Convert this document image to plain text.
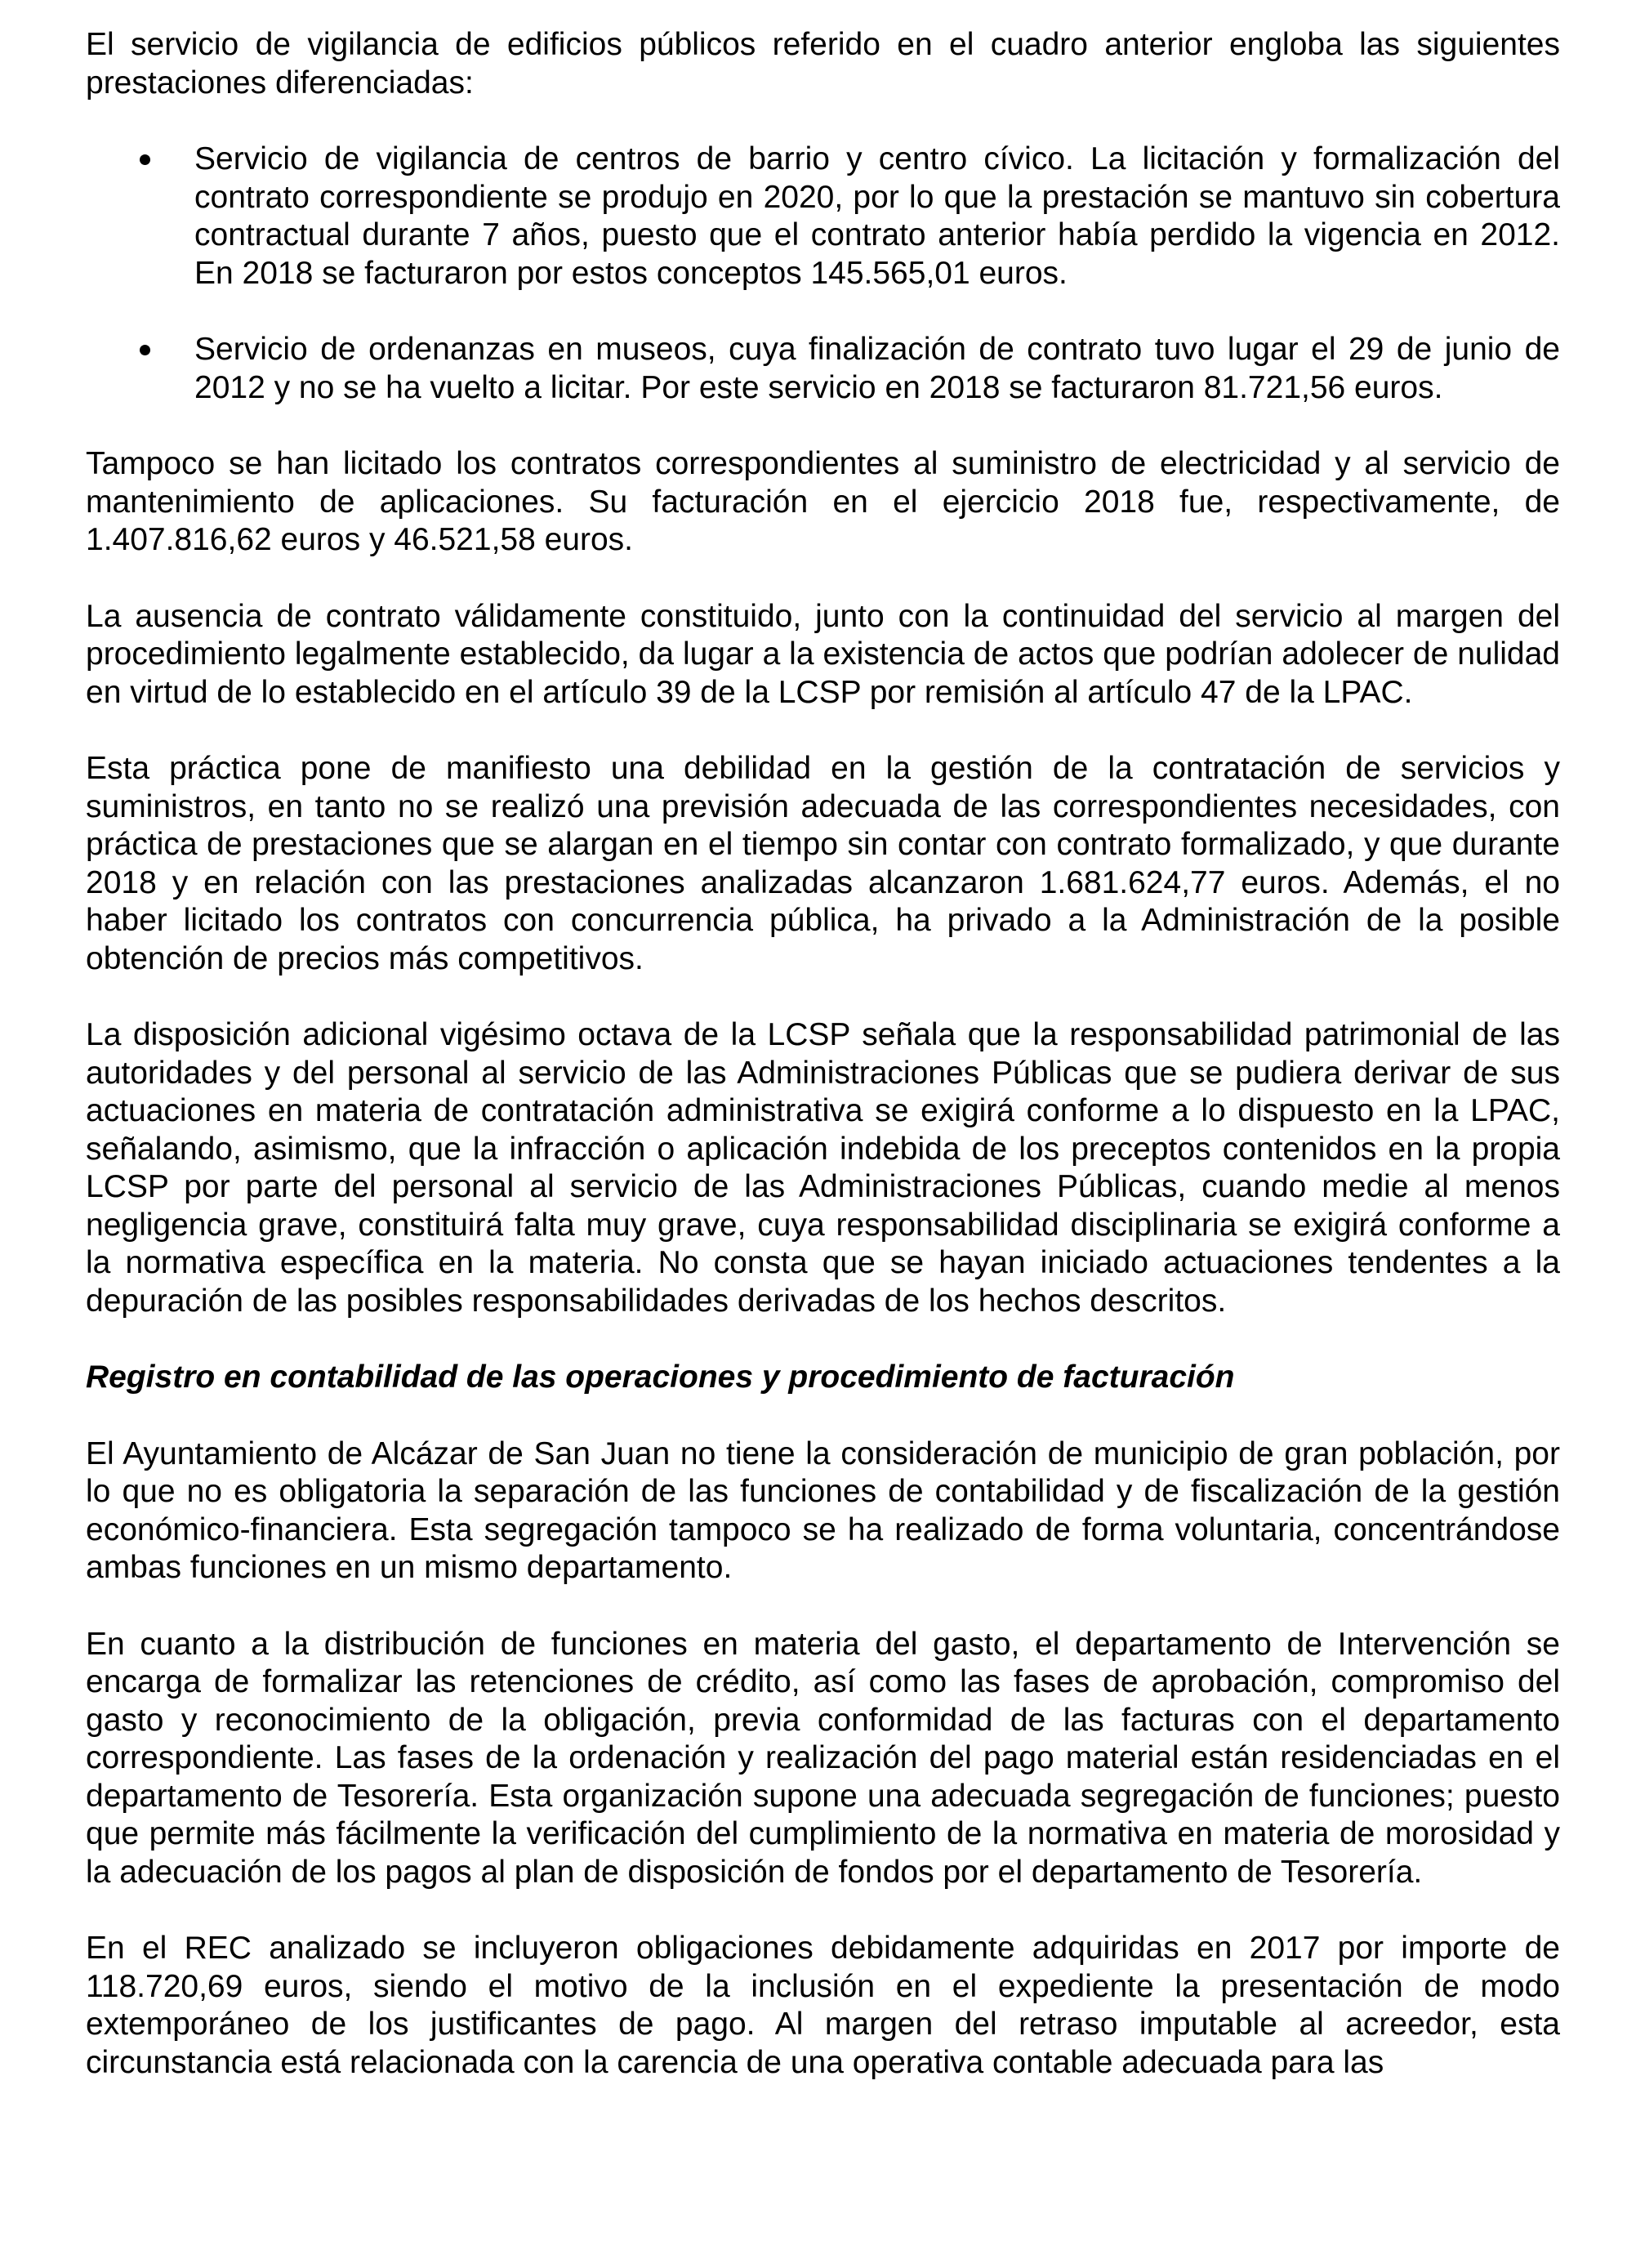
El servicio de vigilancia de edificios públicos referido en el cuadro anterior engloba las siguientes prestaciones diferenciadas:

Servicio de vigilancia de centros de barrio y centro cívico. La licitación y formalización del contrato correspondiente se produjo en 2020, por lo que la prestación se mantuvo sin cobertura contractual durante 7 años, puesto que el contrato anterior había perdido la vigencia en 2012. En 2018 se facturaron por estos conceptos 145.565,01 euros.
Servicio de ordenanzas en museos, cuya finalización de contrato tuvo lugar el 29 de junio de 2012 y no se ha vuelto a licitar. Por este servicio en 2018 se facturaron 81.721,56 euros.

Tampoco se han licitado los contratos correspondientes al suministro de electricidad y al servicio de mantenimiento de aplicaciones. Su facturación en el ejercicio 2018 fue, respectivamente, de 1.407.816,62 euros y 46.521,58 euros.

La ausencia de contrato válidamente constituido, junto con la continuidad del servicio al margen del procedimiento legalmente establecido, da lugar a la existencia de actos que podrían adolecer de nulidad en virtud de lo establecido en el artículo 39 de la LCSP por remisión al artículo 47 de la LPAC.

Esta práctica pone de manifiesto una debilidad en la gestión de la contratación de servicios y suministros, en tanto no se realizó una previsión adecuada de las correspondientes necesidades, con práctica de prestaciones que se alargan en el tiempo sin contar con contrato formalizado, y que durante 2018 y en relación con las prestaciones analizadas alcanzaron 1.681.624,77 euros. Además, el no haber licitado los contratos con concurrencia pública, ha privado a la Administración de la posible obtención de precios más competitivos.

La disposición adicional vigésimo octava de la LCSP señala que la responsabilidad patrimonial de las autoridades y del personal al servicio de las Administraciones Públicas que se pudiera derivar de sus actuaciones en materia de contratación administrativa se exigirá conforme a lo dispuesto en la LPAC, señalando, asimismo, que la infracción o aplicación indebida de los preceptos contenidos en la propia LCSP por parte del personal al servicio de las Administraciones Públicas, cuando medie al menos negligencia grave, constituirá falta muy grave, cuya responsabilidad disciplinaria se exigirá conforme a la normativa específica en la materia. No consta que se hayan iniciado actuaciones tendentes a la depuración de las posibles responsabilidades derivadas de los hechos descritos.

Registro en contabilidad de las operaciones y procedimiento de facturación

El Ayuntamiento de Alcázar de San Juan no tiene la consideración de municipio de gran población, por lo que no es obligatoria la separación de las funciones de contabilidad y de fiscalización de la gestión económico-financiera. Esta segregación tampoco se ha realizado de forma voluntaria, concentrándose ambas funciones en un mismo departamento.

En cuanto a la distribución de funciones en materia del gasto, el departamento de Intervención se encarga de formalizar las retenciones de crédito, así como las fases de aprobación, compromiso del gasto y reconocimiento de la obligación, previa conformidad de las facturas con el departamento correspondiente. Las fases de la ordenación y realización del pago material están residenciadas en el departamento de Tesorería. Esta organización supone una adecuada segregación de funciones; puesto que permite más fácilmente la verificación del cumplimiento de la normativa en materia de morosidad y la adecuación de los pagos al plan de disposición de fondos por el departamento de Tesorería.

En el REC analizado se incluyeron obligaciones debidamente adquiridas en 2017 por importe de 118.720,69 euros, siendo el motivo de la inclusión en el expediente la presentación de modo extemporáneo de los justificantes de pago. Al margen del retraso imputable al acreedor, esta circunstancia está relacionada con la carencia de una operativa contable adecuada para las
